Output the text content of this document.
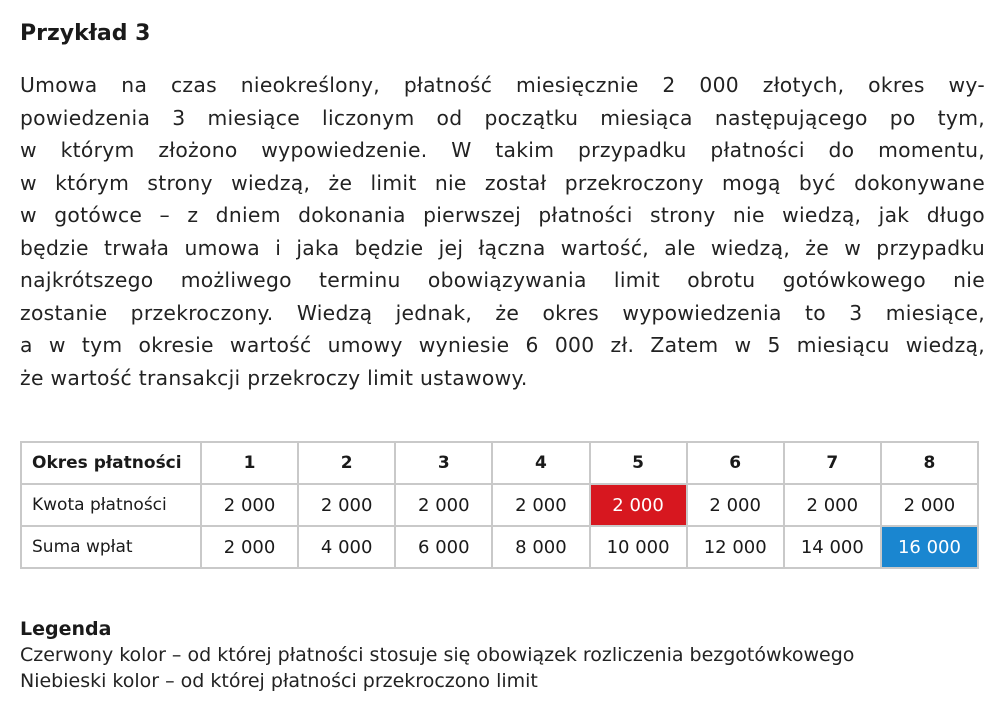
Przykład 3
Umowa na czas nieokreślony, płatność miesięcznie 2 000 złotych, okres wy-
powiedzenia 3 miesiące liczonym od początku miesiąca następującego po tym,
w którym złożono wypowiedzenie. W takim przypadku płatności do momentu,
w którym strony wiedzą, że limit nie został przekroczony mogą być dokonywane
w gotówce – z dniem dokonania pierwszej płatności strony nie wiedzą, jak długo
będzie trwała umowa i jaka będzie jej łączna wartość, ale wiedzą, że w przypadku
najkrótszego możliwego terminu obowiązywania limit obrotu gotówkowego nie
zostanie przekroczony. Wiedzą jednak, że okres wypowiedzenia to 3 miesiące,
a w tym okresie wartość umowy wyniesie 6 000 zł. Zatem w 5 miesiącu wiedzą,
że wartość transakcji przekroczy limit ustawowy.
Okres płatności	1	2	3	4	5	6	7	8
Kwota płatności	2 000	2 000	2 000	2 000	2 000	2 000	2 000	2 000
Suma wpłat	2 000	4 000	6 000	8 000	10 000	12 000	14 000	16 000

Legenda

Czerwony kolor – od której płatności stosuje się obowiązek rozliczenia bezgotówkowego

Niebieski kolor – od której płatności przekroczono limit
